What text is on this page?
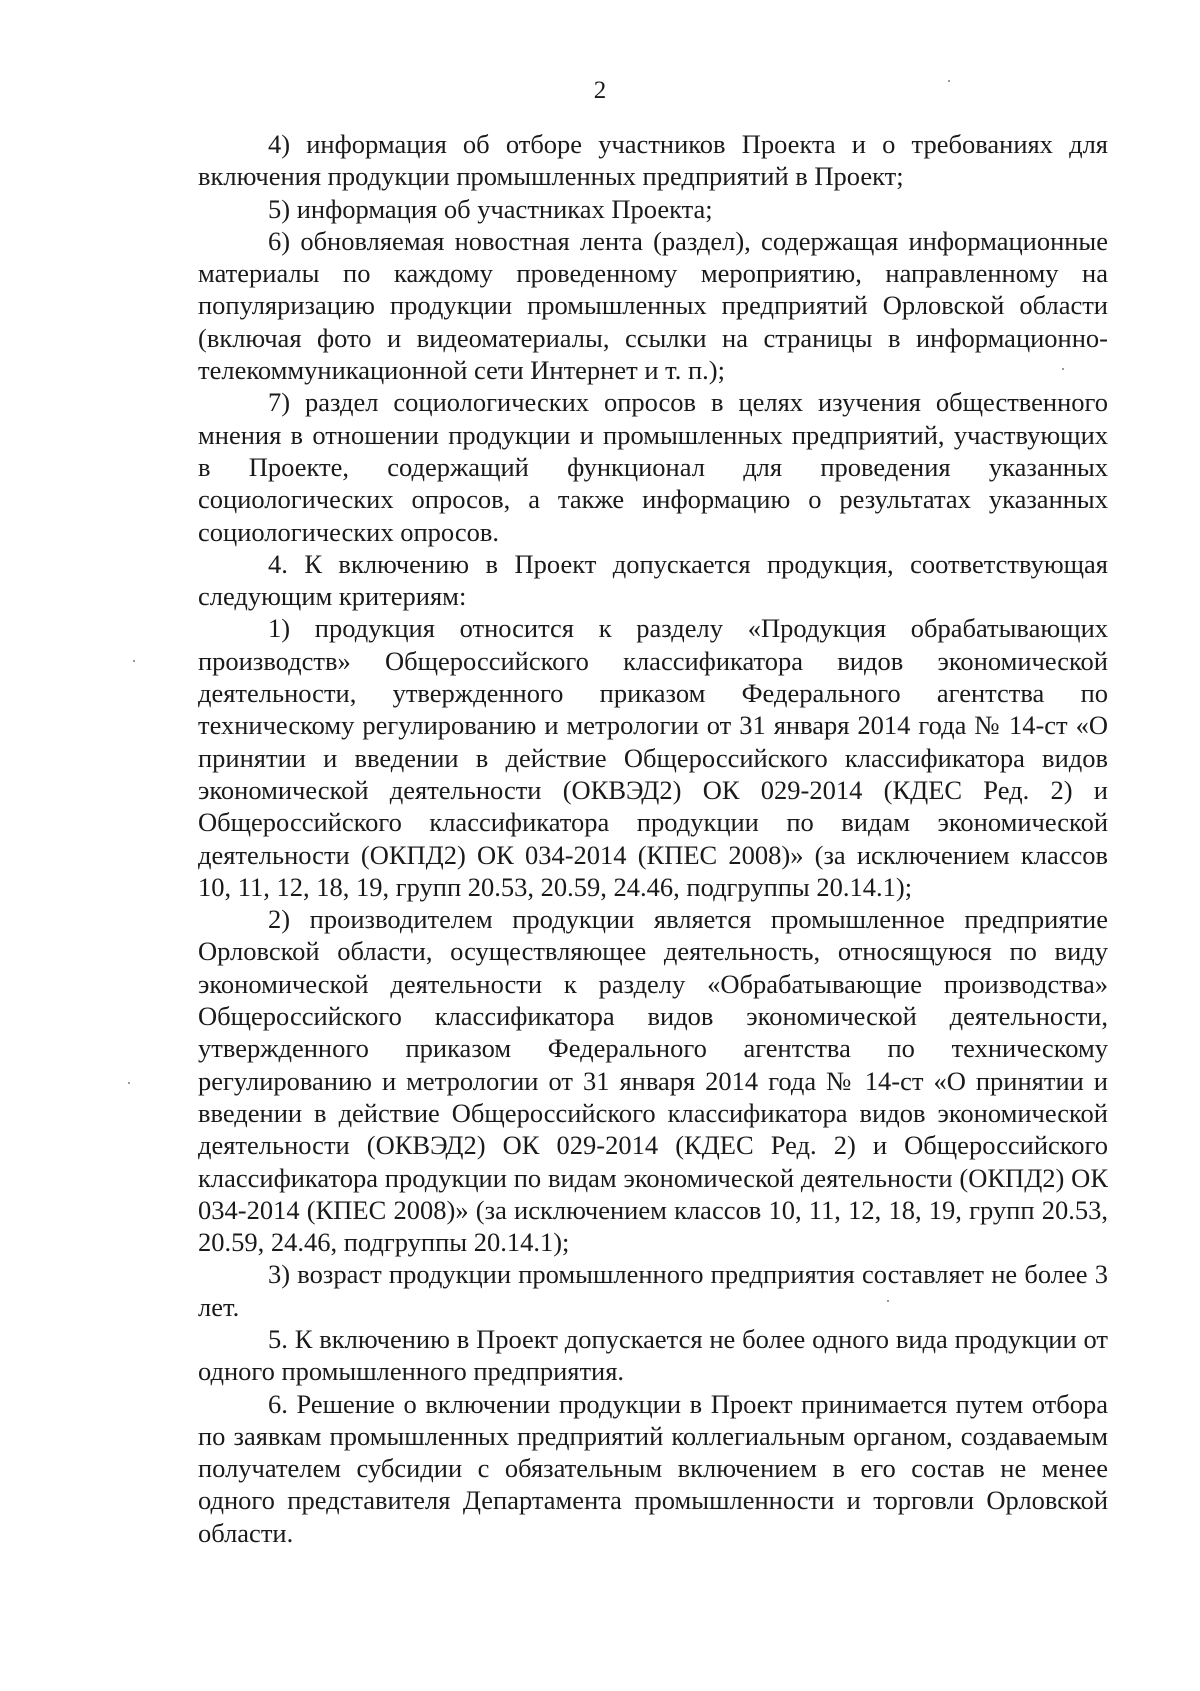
2

4) информация об отборе участников Проекта и о требованиях для включения продукции промышленных предприятий в Проект;

5) информация об участниках Проекта;

6) обновляемая новостная лента (раздел), содержащая информационные материалы по каждому проведенному мероприятию, направленному на популяризацию продукции промышленных предприятий Орловской области (включая фото и видеоматериалы, ссылки на страницы в информационно-телекоммуникационной сети Интернет и т. п.);

7) раздел социологических опросов в целях изучения общественного мнения в отношении продукции и промышленных предприятий, участвующих в Проекте, содержащий функционал для проведения указанных социологических опросов, а также информацию о результатах указанных социологических опросов.

4. К включению в Проект допускается продукция, соответствующая следующим критериям:

1) продукция относится к разделу «Продукция обрабатывающих производств» Общероссийского классификатора видов экономической деятельности, утвержденного приказом Федерального агентства по техническому регулированию и метрологии от 31 января 2014 года № 14-ст «О принятии и введении в действие Общероссийского классификатора видов экономической деятельности (ОКВЭД2) ОК 029-2014 (КДЕС Ред. 2) и Общероссийского классификатора продукции по видам экономической деятельности (ОКПД2) ОК 034-2014 (КПЕС 2008)» (за исключением классов 10, 11, 12, 18, 19, групп 20.53, 20.59, 24.46, подгруппы 20.14.1);

2) производителем продукции является промышленное предприятие Орловской области, осуществляющее деятельность, относящуюся по виду экономической деятельности к разделу «Обрабатывающие производства» Общероссийского классификатора видов экономической деятельности, утвержденного приказом Федерального агентства по техническому регулированию и метрологии от 31 января 2014 года № 14-ст «О принятии и введении в действие Общероссийского классификатора видов экономической деятельности (ОКВЭД2) ОК 029-2014 (КДЕС Ред. 2) и Общероссийского классификатора продукции по видам экономической деятельности (ОКПД2) ОК 034-2014 (КПЕС 2008)» (за исключением классов 10, 11, 12, 18, 19, групп 20.53, 20.59, 24.46, подгруппы 20.14.1);

3) возраст продукции промышленного предприятия составляет не более 3 лет.

5. К включению в Проект допускается не более одного вида продукции от одного промышленного предприятия.

6. Решение о включении продукции в Проект принимается путем отбора по заявкам промышленных предприятий коллегиальным органом, создаваемым получателем субсидии с обязательным включением в его состав не менее одного представителя Департамента промышленности и торговли Орловской области.
